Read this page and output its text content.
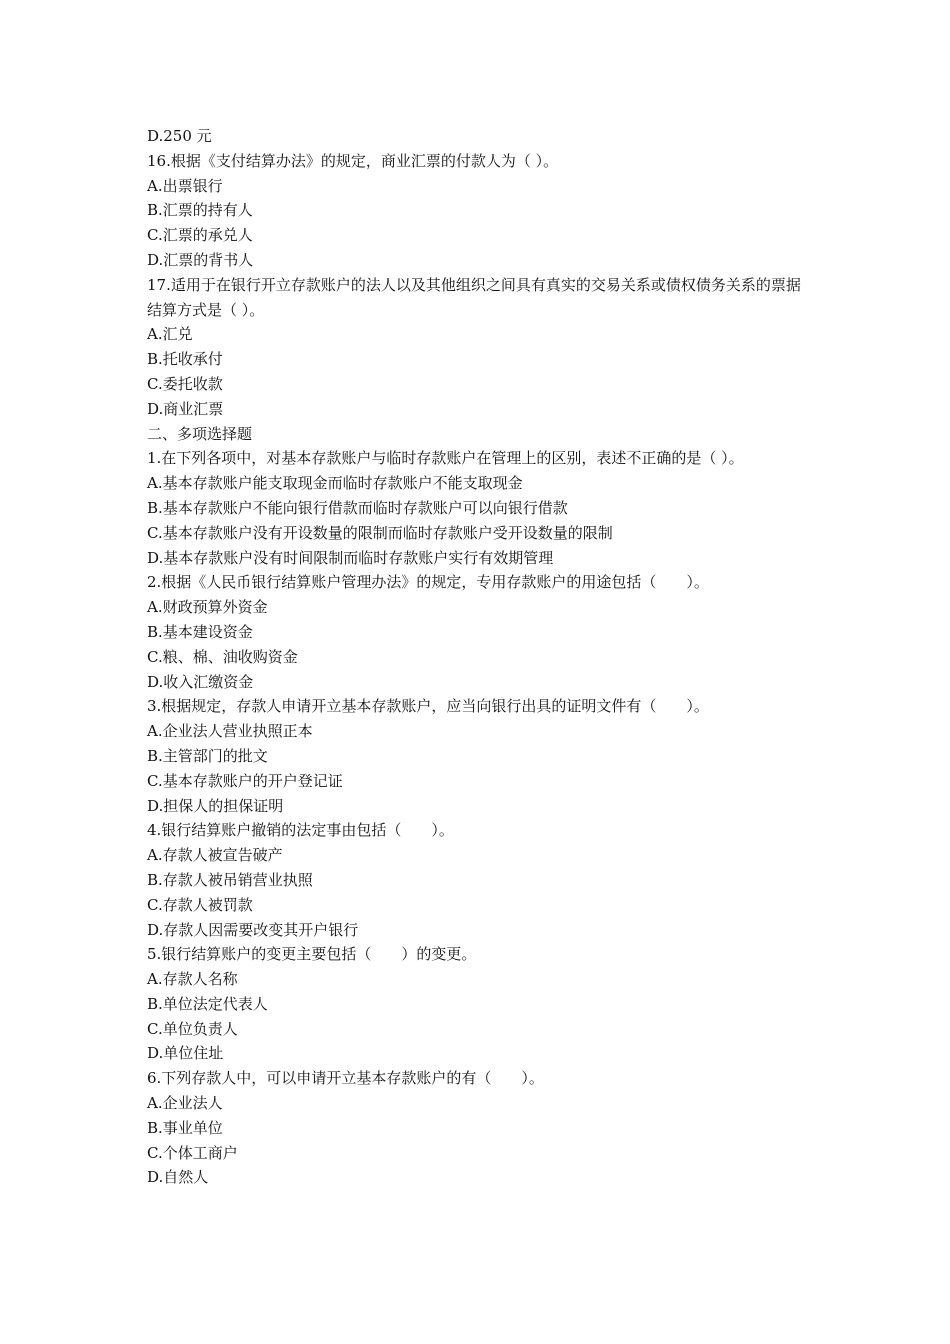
D.250 元
16.根据《支付结算办法》的规定，商业汇票的付款人为（ ）。
A.出票银行
B.汇票的持有人
C.汇票的承兑人
D.汇票的背书人
17.适用于在银行开立存款账户的法人以及其他组织之间具有真实的交易关系或债权债务关系的票据结算方式是（ ）。
A.汇兑
B.托收承付
C.委托收款
D.商业汇票
二、多项选择题
1.在下列各项中，对基本存款账户与临时存款账户在管理上的区别，表述不正确的是（ ）。
A.基本存款账户能支取现金而临时存款账户不能支取现金
B.基本存款账户不能向银行借款而临时存款账户可以向银行借款
C.基本存款账户没有开设数量的限制而临时存款账户受开设数量的限制
D.基本存款账户没有时间限制而临时存款账户实行有效期管理
2.根据《人民币银行结算账户管理办法》的规定，专用存款账户的用途包括（　　）。
A.财政预算外资金
B.基本建设资金
C.粮、棉、油收购资金
D.收入汇缴资金
3.根据规定，存款人申请开立基本存款账户，应当向银行出具的证明文件有（　　）。
A.企业法人营业执照正本
B.主管部门的批文
C.基本存款账户的开户登记证
D.担保人的担保证明
4.银行结算账户撤销的法定事由包括（　　）。
A.存款人被宣告破产
B.存款人被吊销营业执照
C.存款人被罚款
D.存款人因需要改变其开户银行
5.银行结算账户的变更主要包括（　　）的变更。
A.存款人名称
B.单位法定代表人
C.单位负责人
D.单位住址
6.下列存款人中，可以申请开立基本存款账户的有（　　）。
A.企业法人
B.事业单位
C.个体工商户
D.自然人
